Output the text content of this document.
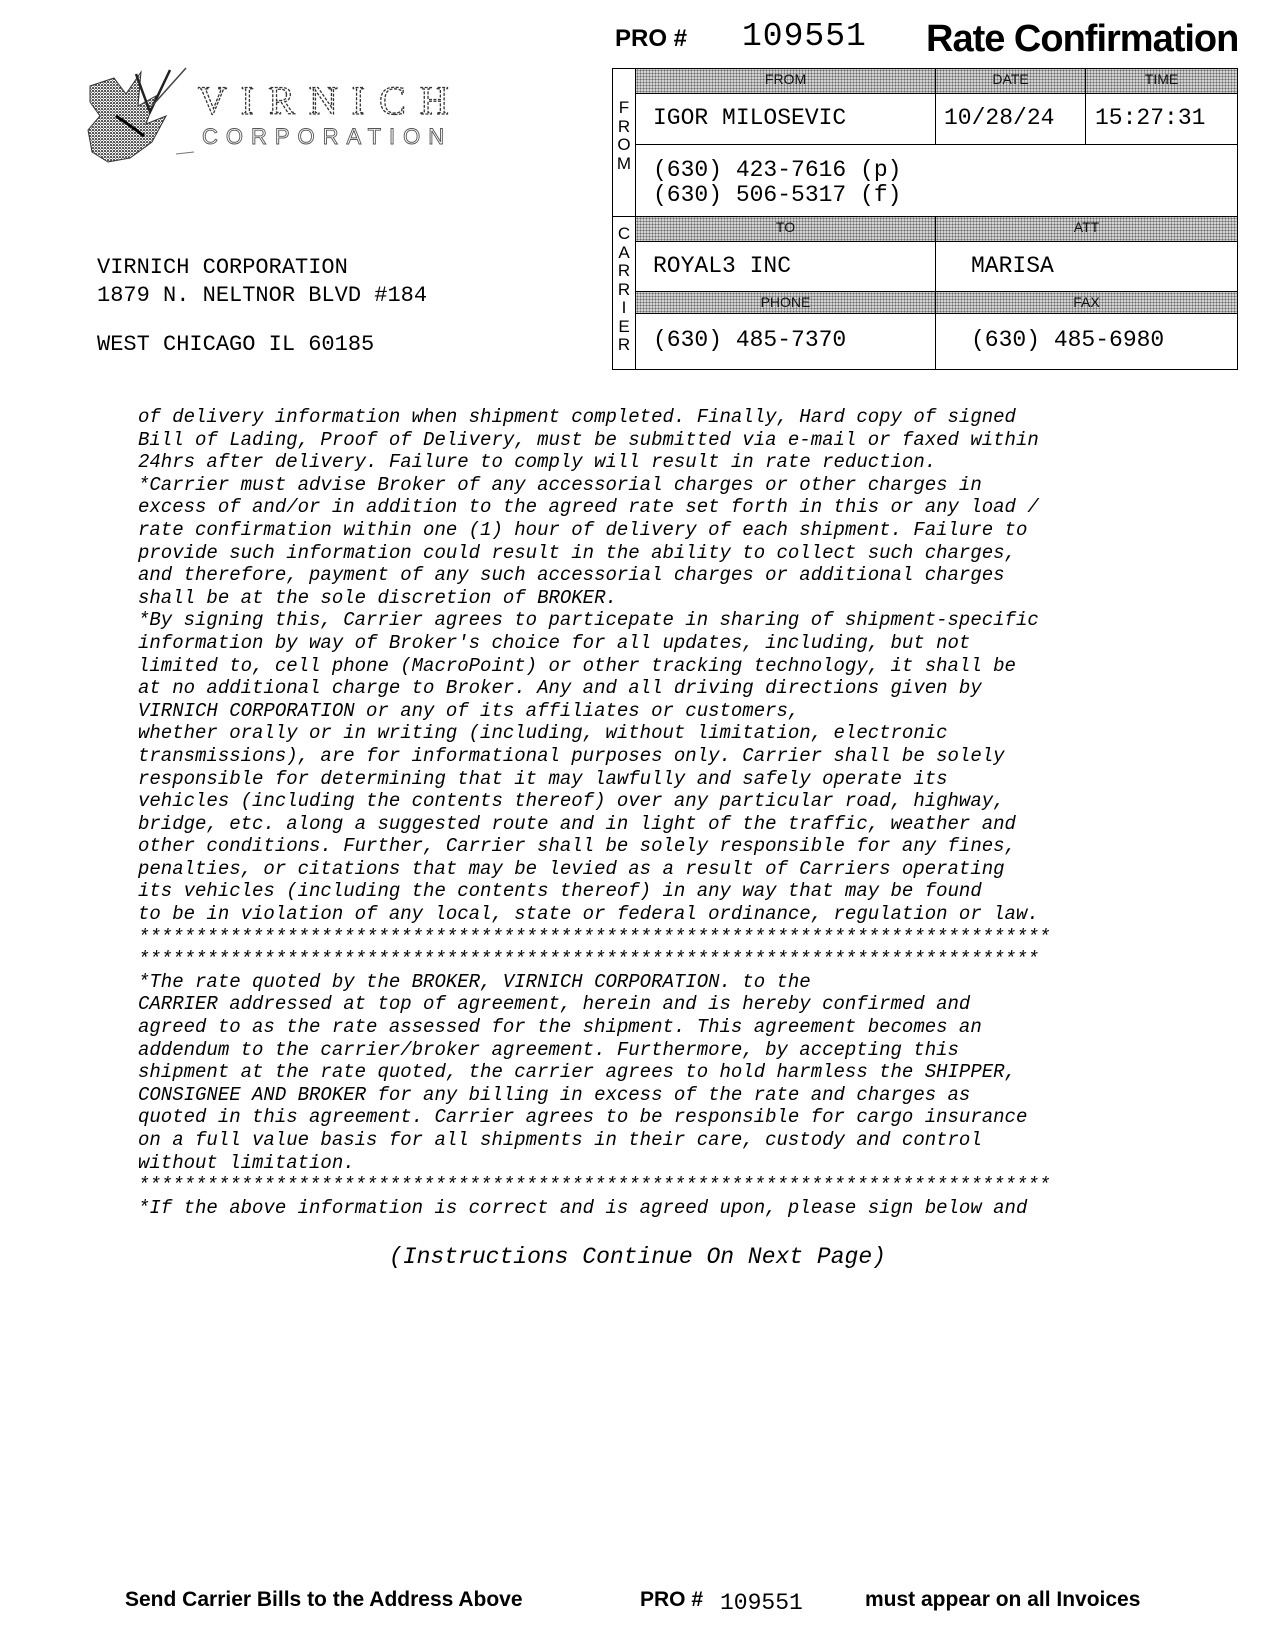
PRO # 109551 Rate Confirmation
VIRNICH
CORPORATION
VIRNICH CORPORATION
1879 N. NELTNOR BLVD #184
WEST CHICAGO IL 60185
F
R
O
M
FROM	DATE	TIME
IGOR MILOSEVIC	10/28/24 15:27:31
(630) 423-7616 (p)
(630) 506-5317 (f)
C
A
R
R
I
E
R
TO	ATT
ROYAL3 INC	MARISA
PHONE	FAX
(630) 485-7370	(630) 485-6980
of delivery information when shipment completed. Finally, Hard copy of signed
Bill of Lading, Proof of Delivery, must be submitted via e-mail or faxed within
24hrs after delivery. Failure to comply will result in rate reduction.
*Carrier must advise Broker of any accessorial charges or other charges in
excess of and/or in addition to the agreed rate set forth in this or any load /
rate confirmation within one (1) hour of delivery of each shipment. Failure to
provide such information could result in the ability to collect such charges,
and therefore, payment of any such accessorial charges or additional charges
shall be at the sole discretion of BROKER.
*By signing this, Carrier agrees to particepate in sharing of shipment-specific
information by way of Broker's choice for all updates, including, but not
limited to, cell phone (MacroPoint) or other tracking technology, it shall be
at no additional charge to Broker. Any and all driving directions given by
VIRNICH CORPORATION or any of its affiliates or customers,
whether orally or in writing (including, without limitation, electronic
transmissions), are for informational purposes only. Carrier shall be solely
responsible for determining that it may lawfully and safely operate its
vehicles (including the contents thereof) over any particular road, highway,
bridge, etc. along a suggested route and in light of the traffic, weather and
other conditions. Further, Carrier shall be solely responsible for any fines,
penalties, or citations that may be levied as a result of Carriers operating
its vehicles (including the contents thereof) in any way that may be found
to be in violation of any local, state or federal ordinance, regulation or law.
********************************************************************************
*******************************************************************************
*The rate quoted by the BROKER, VIRNICH CORPORATION. to the
CARRIER addressed at top of agreement, herein and is hereby confirmed and
agreed to as the rate assessed for the shipment. This agreement becomes an
addendum to the carrier/broker agreement. Furthermore, by accepting this
shipment at the rate quoted, the carrier agrees to hold harmless the SHIPPER,
CONSIGNEE AND BROKER for any billing in excess of the rate and charges as
quoted in this agreement. Carrier agrees to be responsible for cargo insurance
on a full value basis for all shipments in their care, custody and control
without limitation.
********************************************************************************
*If the above information is correct and is agreed upon, please sign below and
(Instructions Continue On Next Page)
Send Carrier Bills to the Address Above	PRO # 109551	must appear on all Invoices
